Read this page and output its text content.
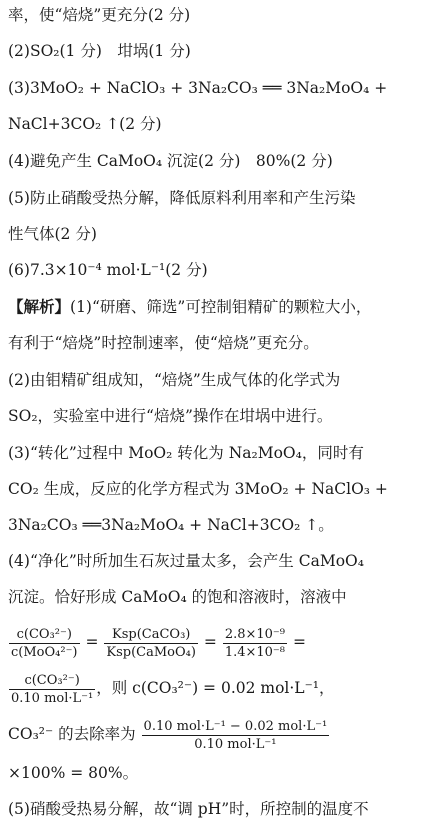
率，使“焙烧”更充分(2 分)
(2)SO₂(1 分)　坩埚(1 分)
(3)3MoO₂ + NaClO₃ + 3Na₂CO₃ ══ 3Na₂MoO₄ +
NaCl+3CO₂ ↑(2 分)
(4)避免产生 CaMoO₄ 沉淀(2 分)　80%(2 分)
(5)防止硝酸受热分解，降低原料利用率和产生污染
性气体(2 分)
(6)7.3×10⁻⁴ mol·L⁻¹(2 分)
【解析】(1)“研磨、筛选”可控制钼精矿的颗粒大小，
有利于“焙烧”时控制速率，使“焙烧”更充分。
(2)由钼精矿组成知，“焙烧”生成气体的化学式为
SO₂，实验室中进行“焙烧”操作在坩埚中进行。
(3)“转化”过程中 MoO₂ 转化为 Na₂MoO₄，同时有
CO₂ 生成，反应的化学方程式为 3MoO₂ + NaClO₃ +
3Na₂CO₃ ══3Na₂MoO₄ + NaCl+3CO₂ ↑。
(4)“净化”时所加生石灰过量太多，会产生 CaMoO₄
沉淀。恰好形成 CaMoO₄ 的饱和溶液时，溶液中
$\frac{\text{c(CO₃²⁻)}}{\text{c(MoO₄²⁻)}} = \frac{\text{Ksp(CaCO₃)}}{\text{Ksp(CaMoO₄)}} = \frac{\text{2.8×10⁻⁹}}{\text{1.4×10⁻⁸}}$ =
$\frac{\text{c(CO₃²⁻)}}{\text{0.10 mol·L⁻¹}}$ ，则 c(CO₃²⁻) = 0.02 mol·L⁻¹，
CO₃²⁻ 的去除率为 $\frac{\text{0.10 mol·L⁻¹ − 0.02 mol·L⁻¹}}{\text{0.10 mol·L⁻¹}}$
×100% = 80%。
(5)硝酸受热易分解，故“调 pH”时，所控制的温度不
